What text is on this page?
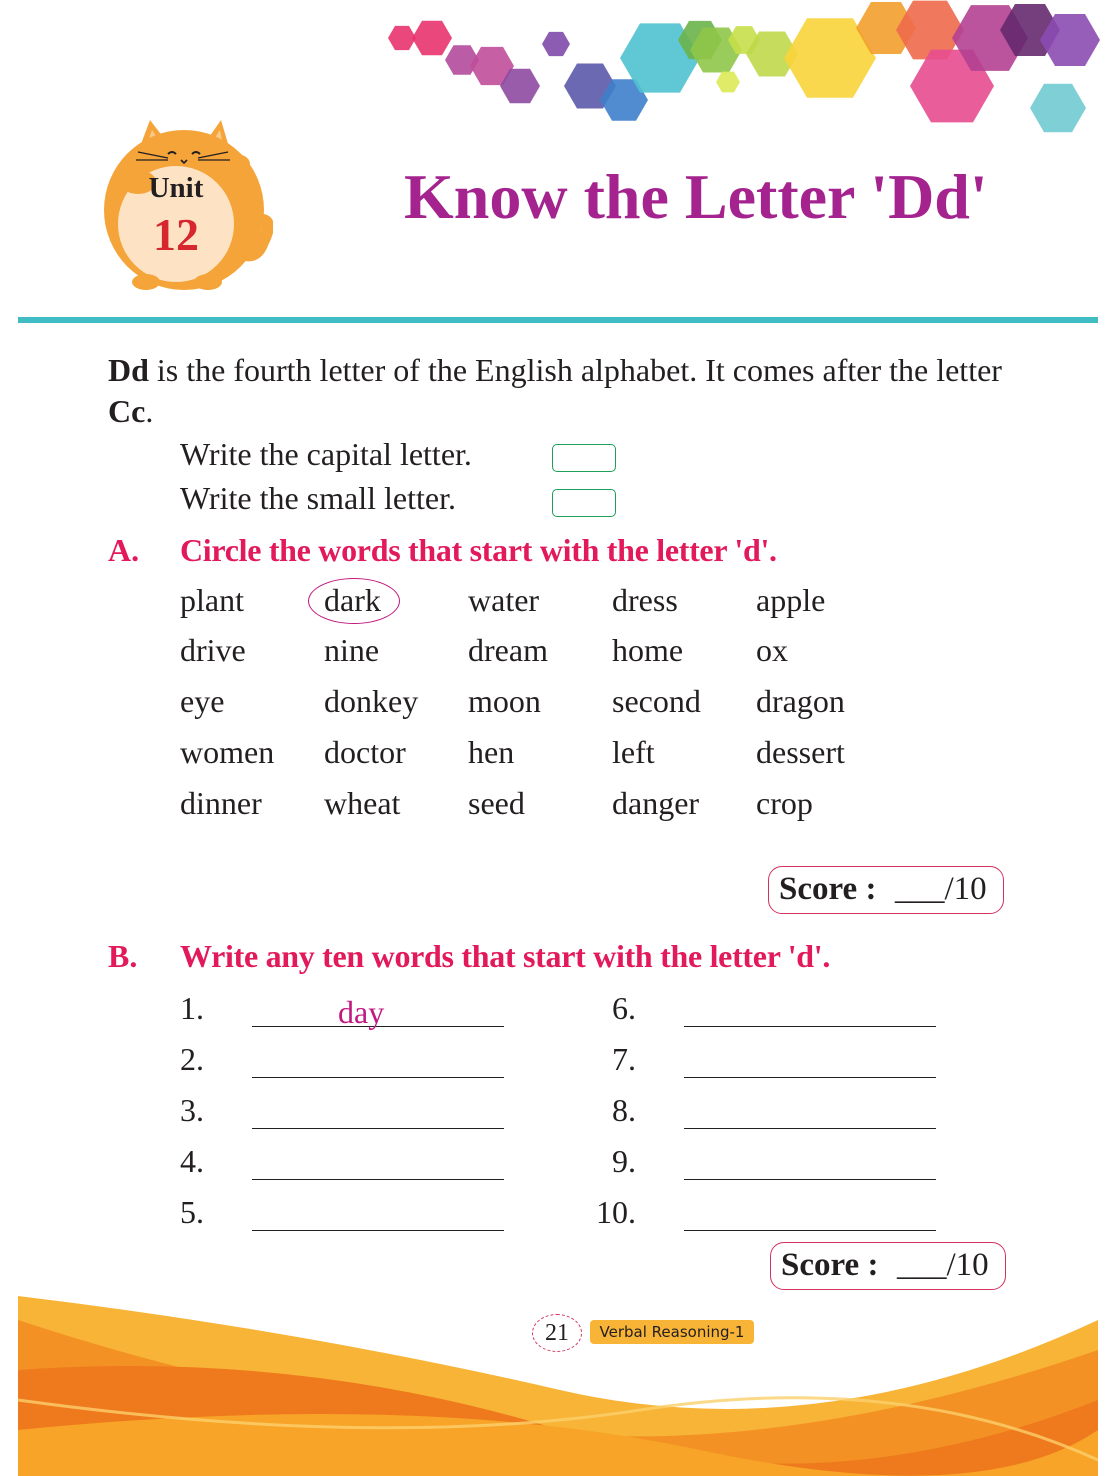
Unit
12
Know the Letter 'Dd'
Dd is the fourth letter of the English alphabet. It comes after the letter Cc.
Write the capital letter.
Write the small letter.
A. Circle the words that start with the letter 'd'.
plant	dark	water dress apple
drive nine	dream home ox
eye	donkey moon second dragon
women doctor hen	left	dessert
dinner wheat seed	danger crop
Score : ___/10
B. Write any ten words that start with the letter 'd'.
1.
2.
3.
4.
5.
6.
7.
8.
9.
10.
day
Score : ___/10
21	Verbal Reasoning-1
